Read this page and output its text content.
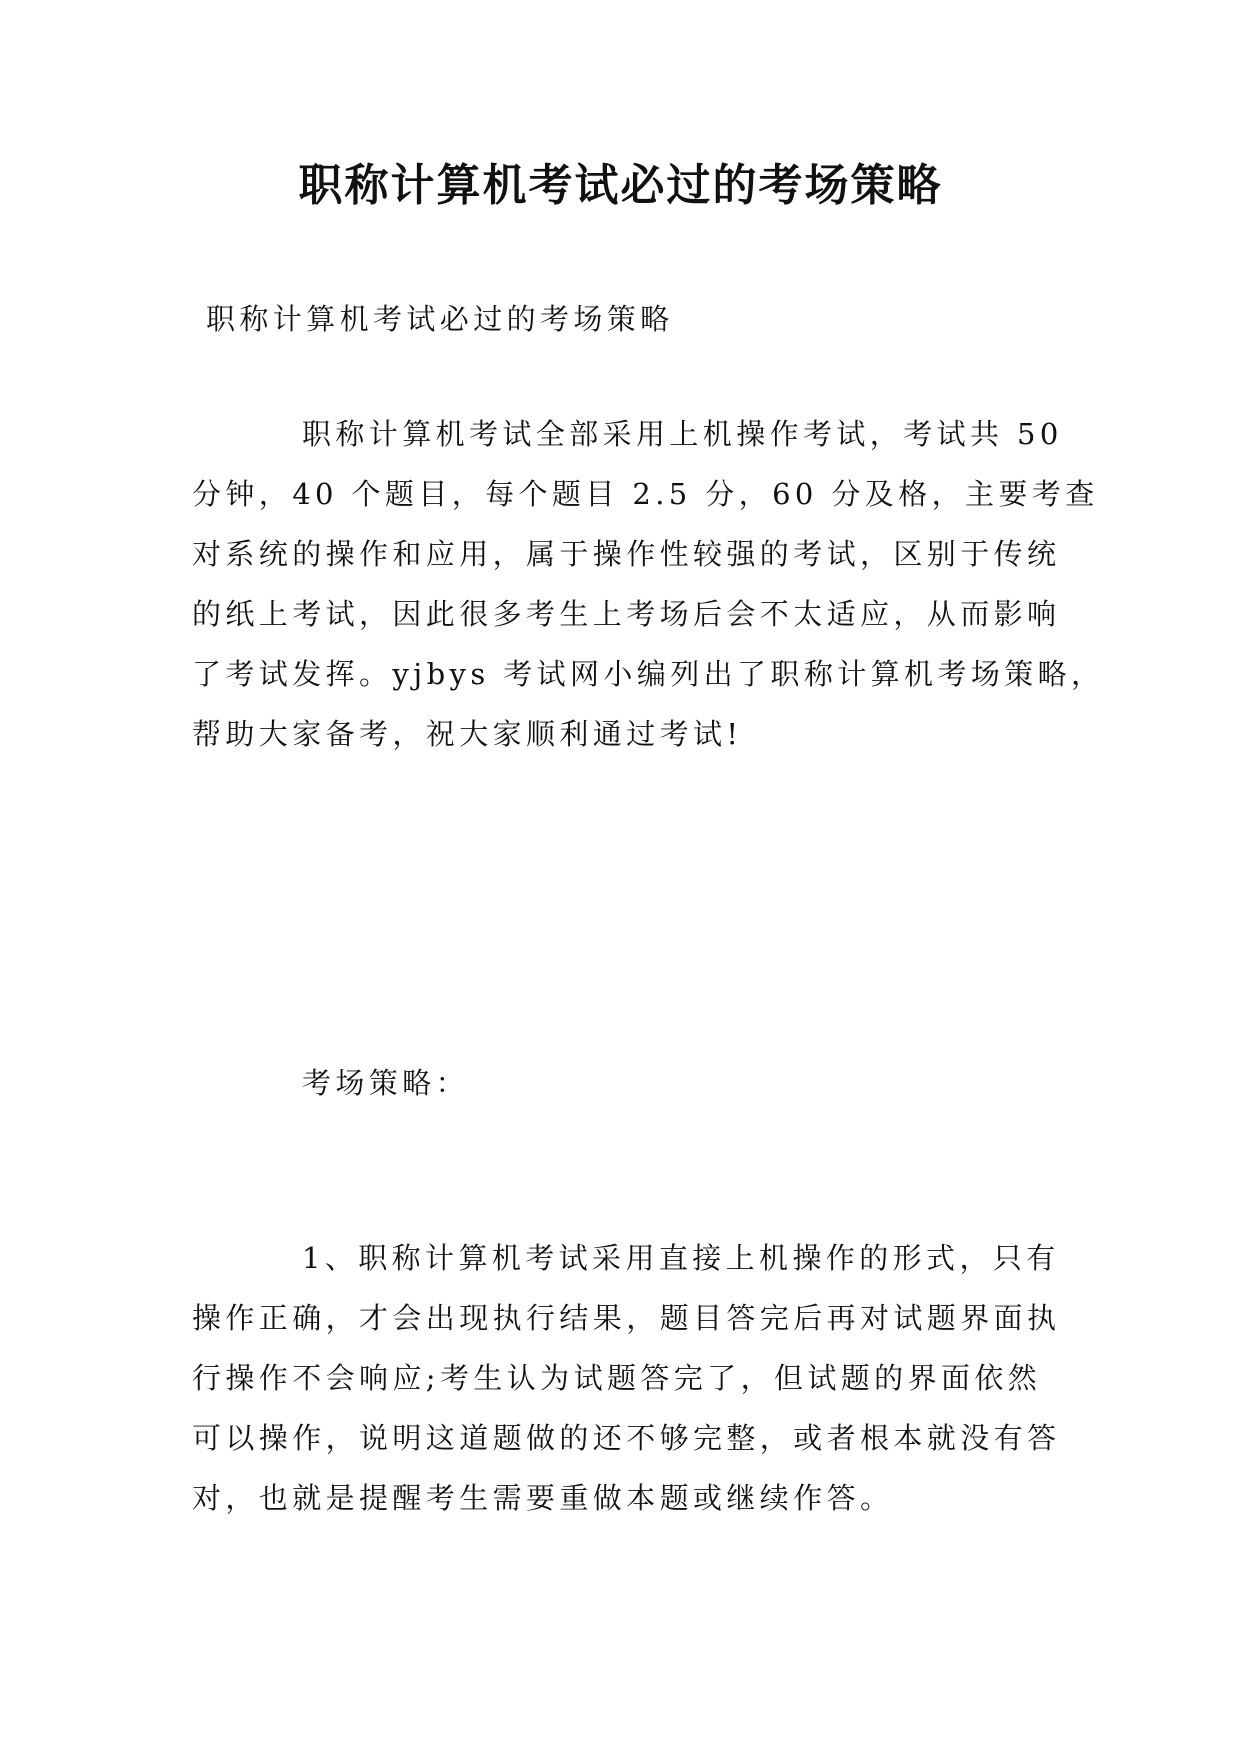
职称计算机考试必过的考场策略
职称计算机考试必过的考场策略
职称计算机考试全部采用上机操作考试，考试共 50
分钟，40 个题目，每个题目 2.5 分，60 分及格，主要考查
对系统的操作和应用，属于操作性较强的考试，区别于传统
的纸上考试，因此很多考生上考场后会不太适应，从而影响
了考试发挥。yjbys 考试网小编列出了职称计算机考场策略，
帮助大家备考，祝大家顺利通过考试!
考场策略：
1、职称计算机考试采用直接上机操作的形式，只有
操作正确，才会出现执行结果，题目答完后再对试题界面执
行操作不会响应;考生认为试题答完了，但试题的界面依然
可以操作，说明这道题做的还不够完整，或者根本就没有答
对，也就是提醒考生需要重做本题或继续作答。
